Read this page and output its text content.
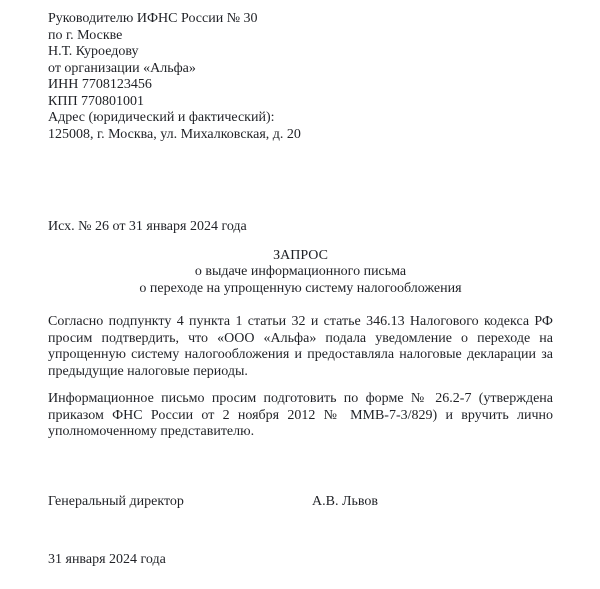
Руководителю ИФНС России № 30
по г. Москве
Н.Т. Куроедову
от организации «Альфа»
ИНН 7708123456
КПП 770801001
Адрес (юридический и фактический):
125008, г. Москва, ул. Михалковская, д. 20
Исх. № 26 от 31 января 2024 года
ЗАПРОС
о выдаче информационного письма
о переходе на упрощенную систему налогообложения
Согласно подпункту 4 пункта 1 статьи 32 и статье 346.13 Налогового кодекса РФ просим подтвердить, что «ООО «Альфа» подала уведомление о переходе на упрощенную систему налогообложения и предоставляла налоговые декларации за предыдущие налоговые периоды.
Информационное письмо просим подготовить по форме № 26.2-7 (утверждена приказом ФНС России от 2 ноября 2012 № ММВ-7-3/829) и вручить лично уполномоченному представителю.
Генеральный директор	А.В. Львов
31 января 2024 года
